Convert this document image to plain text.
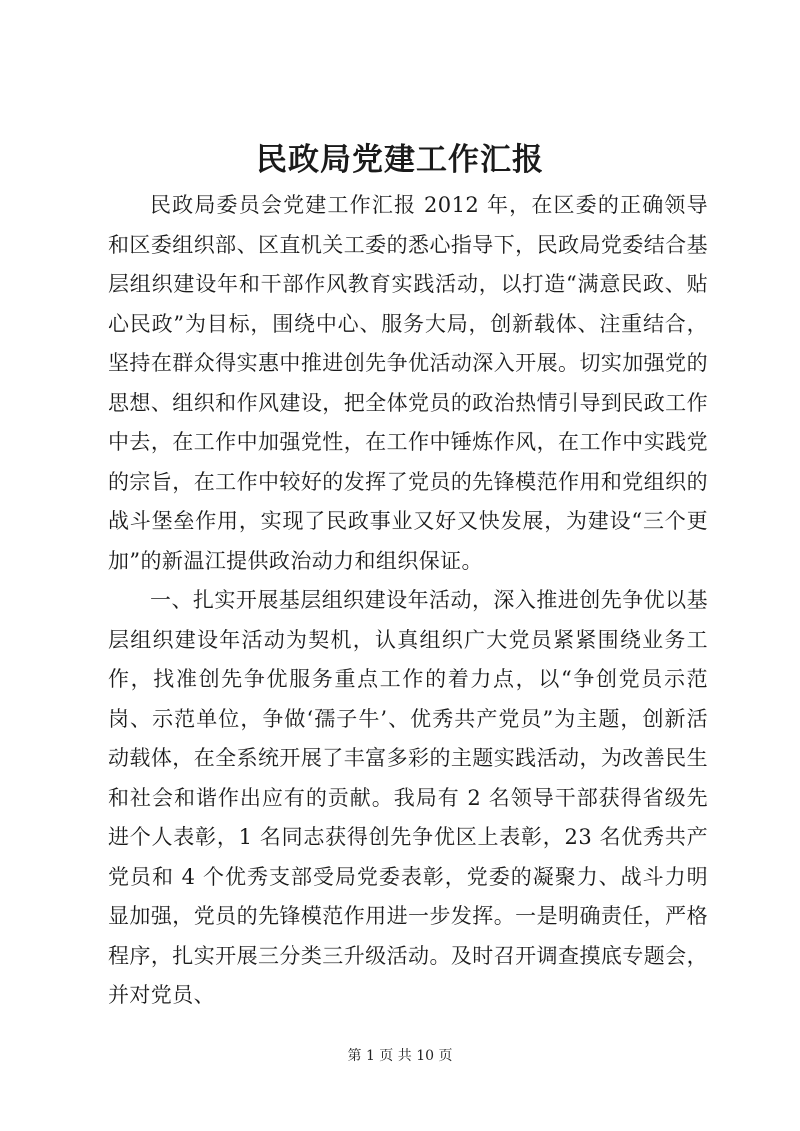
民政局党建工作汇报

民政局委员会党建工作汇报 2012 年，在区委的正确领导和区委组织部、区直机关工委的悉心指导下，民政局党委结合基层组织建设年和干部作风教育实践活动，以打造“满意民政、贴心民政”为目标，围绕中心、服务大局，创新载体、注重结合，坚持在群众得实惠中推进创先争优活动深入开展。切实加强党的思想、组织和作风建设，把全体党员的政治热情引导到民政工作中去，在工作中加强党性，在工作中锤炼作风，在工作中实践党的宗旨，在工作中较好的发挥了党员的先锋模范作用和党组织的战斗堡垒作用，实现了民政事业又好又快发展，为建设“三个更加”的新温江提供政治动力和组织保证。

一、扎实开展基层组织建设年活动，深入推进创先争优以基层组织建设年活动为契机，认真组织广大党员紧紧围绕业务工作，找准创先争优服务重点工作的着力点，以“争创党员示范岗、示范单位，争做‘孺子牛’、优秀共产党员”为主题，创新活动载体，在全系统开展了丰富多彩的主题实践活动，为改善民生和社会和谐作出应有的贡献。我局有 2 名领导干部获得省级先进个人表彰，1 名同志获得创先争优区上表彰，23 名优秀共产党员和 4 个优秀支部受局党委表彰，党委的凝聚力、战斗力明显加强，党员的先锋模范作用进一步发挥。一是明确责任，严格程序，扎实开展三分类三升级活动。及时召开调查摸底专题会，并对党员、

第 1 页 共 10 页
